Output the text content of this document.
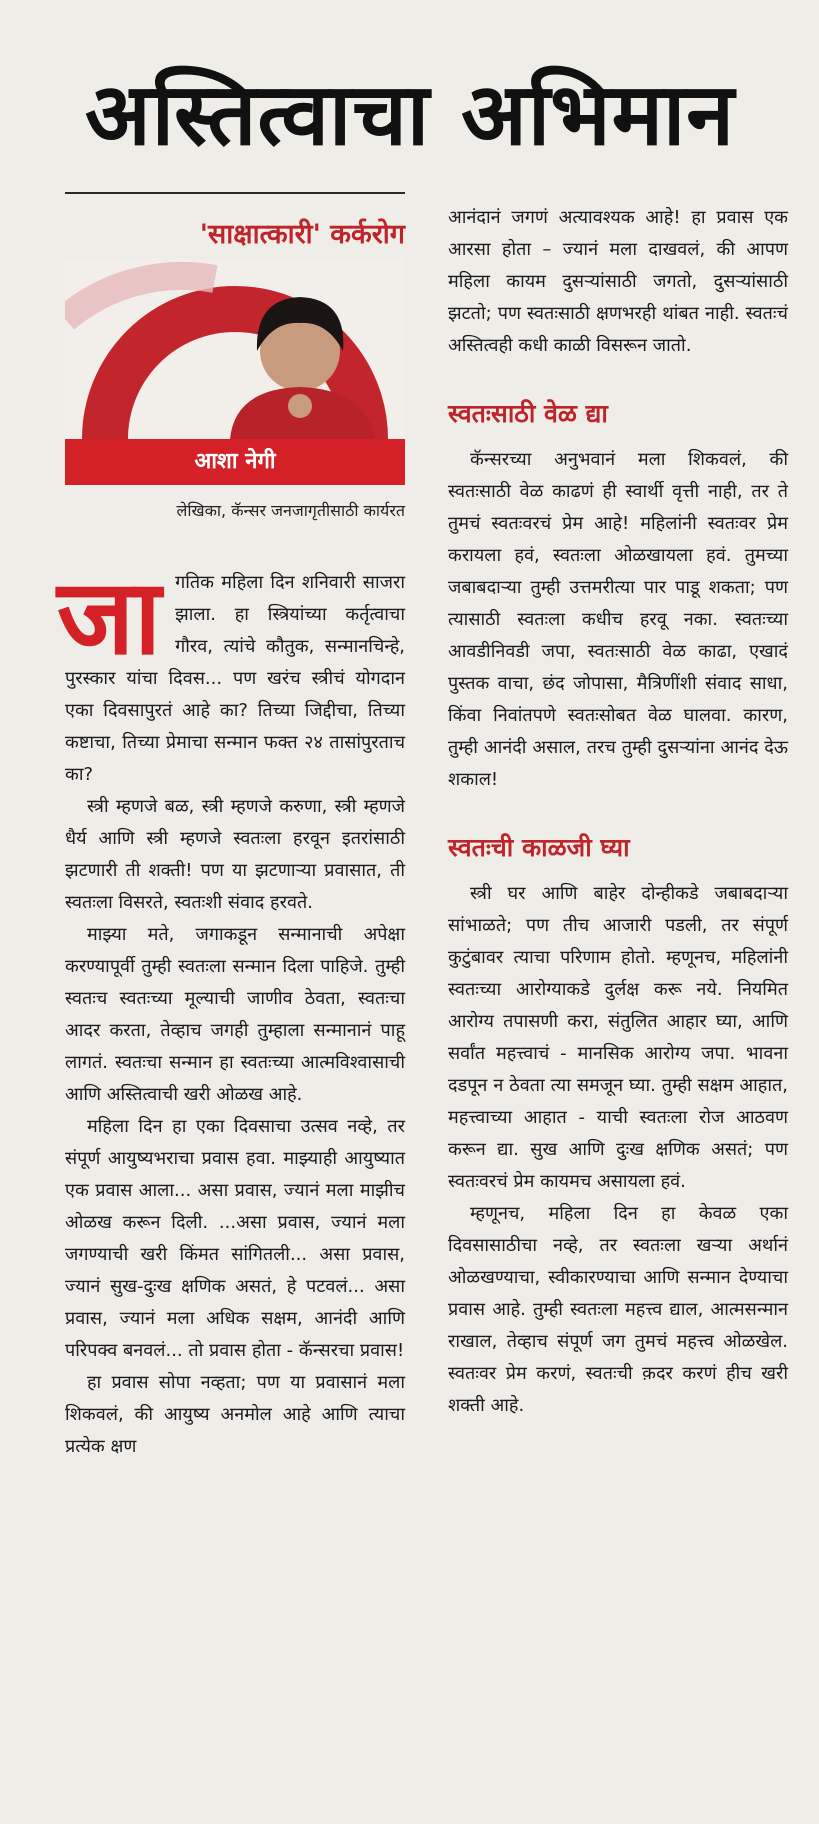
अस्तित्वाचा अभिमान
'साक्षात्कारी' कर्करोग
आशा नेगी
लेखिका, कॅन्सर जनजागृतीसाठी कार्यरत

जागतिक महिला दिन शनिवारी साजरा झाला. हा स्त्रियांच्या कर्तृत्वाचा गौरव, त्यांचे कौतुक, सन्मानचिन्हे, पुरस्कार यांचा दिवस... पण खरंच स्त्रीचं योगदान एका दिवसापुरतं आहे का? तिच्या जिद्दीचा, तिच्या कष्टाचा, तिच्या प्रेमाचा सन्मान फक्त २४ तासांपुरताच का?

स्त्री म्हणजे बळ, स्त्री म्हणजे करुणा, स्त्री म्हणजे धैर्य आणि स्त्री म्हणजे स्वतःला हरवून इतरांसाठी झटणारी ती शक्ती! पण या झटणाऱ्या प्रवासात, ती स्वतःला विसरते, स्वतःशी संवाद हरवते.

माझ्या मते, जगाकडून सन्मानाची अपेक्षा करण्यापूर्वी तुम्ही स्वतःला सन्मान दिला पाहिजे. तुम्ही स्वतःच स्वतःच्या मूल्याची जाणीव ठेवता, स्वतःचा आदर करता, तेव्हाच जगही तुम्हाला सन्मानानं पाहू लागतं. स्वतःचा सन्मान हा स्वतःच्या आत्मविश्वासाची आणि अस्तित्वाची खरी ओळख आहे.

महिला दिन हा एका दिवसाचा उत्सव नव्हे, तर संपूर्ण आयुष्यभराचा प्रवास हवा. माझ्याही आयुष्यात एक प्रवास आला... असा प्रवास, ज्यानं मला माझीच ओळख करून दिली. ...असा प्रवास, ज्यानं मला जगण्याची खरी किंमत सांगितली... असा प्रवास, ज्यानं सुख-दुःख क्षणिक असतं, हे पटवलं... असा प्रवास, ज्यानं मला अधिक सक्षम, आनंदी आणि परिपक्व बनवलं... तो प्रवास होता - कॅन्सरचा प्रवास!

हा प्रवास सोपा नव्हता; पण या प्रवासानं मला शिकवलं, की आयुष्य अनमोल आहे आणि त्याचा प्रत्येक क्षण

आनंदानं जगणं अत्यावश्यक आहे! हा प्रवास एक आरसा होता – ज्यानं मला दाखवलं, की आपण महिला कायम दुसऱ्यांसाठी जगतो, दुसऱ्यांसाठी झटतो; पण स्वतःसाठी क्षणभरही थांबत नाही. स्वतःचं अस्तित्वही कधी काळी विसरून जातो.

स्वतःसाठी वेळ द्या

कॅन्सरच्या अनुभवानं मला शिकवलं, की स्वतःसाठी वेळ काढणं ही स्वार्थी वृत्ती नाही, तर ते तुमचं स्वतःवरचं प्रेम आहे! महिलांनी स्वतःवर प्रेम करायला हवं, स्वतःला ओळखायला हवं. तुमच्या जबाबदाऱ्या तुम्ही उत्तमरीत्या पार पाडू शकता; पण त्यासाठी स्वतःला कधीच हरवू नका. स्वतःच्या आवडीनिवडी जपा, स्वतःसाठी वेळ काढा, एखादं पुस्तक वाचा, छंद जोपासा, मैत्रिणींशी संवाद साधा, किंवा निवांतपणे स्वतःसोबत वेळ घालवा. कारण, तुम्ही आनंदी असाल, तरच तुम्ही दुसऱ्यांना आनंद देऊ शकाल!

स्वतःची काळजी घ्या

स्त्री घर आणि बाहेर दोन्हीकडे जबाबदाऱ्या सांभाळते; पण तीच आजारी पडली, तर संपूर्ण कुटुंबावर त्याचा परिणाम होतो. म्हणूनच, महिलांनी स्वतःच्या आरोग्याकडे दुर्लक्ष करू नये. नियमित आरोग्य तपासणी करा, संतुलित आहार घ्या, आणि सर्वांत महत्त्वाचं - मानसिक आरोग्य जपा. भावना दडपून न ठेवता त्या समजून घ्या. तुम्ही सक्षम आहात, महत्त्वाच्या आहात - याची स्वतःला रोज आठवण करून द्या. सुख आणि दुःख क्षणिक असतं; पण स्वतःवरचं प्रेम कायमच असायला हवं.

म्हणूनच, महिला दिन हा केवळ एका दिवसासाठीचा नव्हे, तर स्वतःला खऱ्या अर्थानं ओळखण्याचा, स्वीकारण्याचा आणि सन्मान देण्याचा प्रवास आहे. तुम्ही स्वतःला महत्त्व द्याल, आत्मसन्मान राखाल, तेव्हाच संपूर्ण जग तुमचं महत्त्व ओळखेल. स्वतःवर प्रेम करणं, स्वतःची क़दर करणं हीच खरी शक्ती आहे.
